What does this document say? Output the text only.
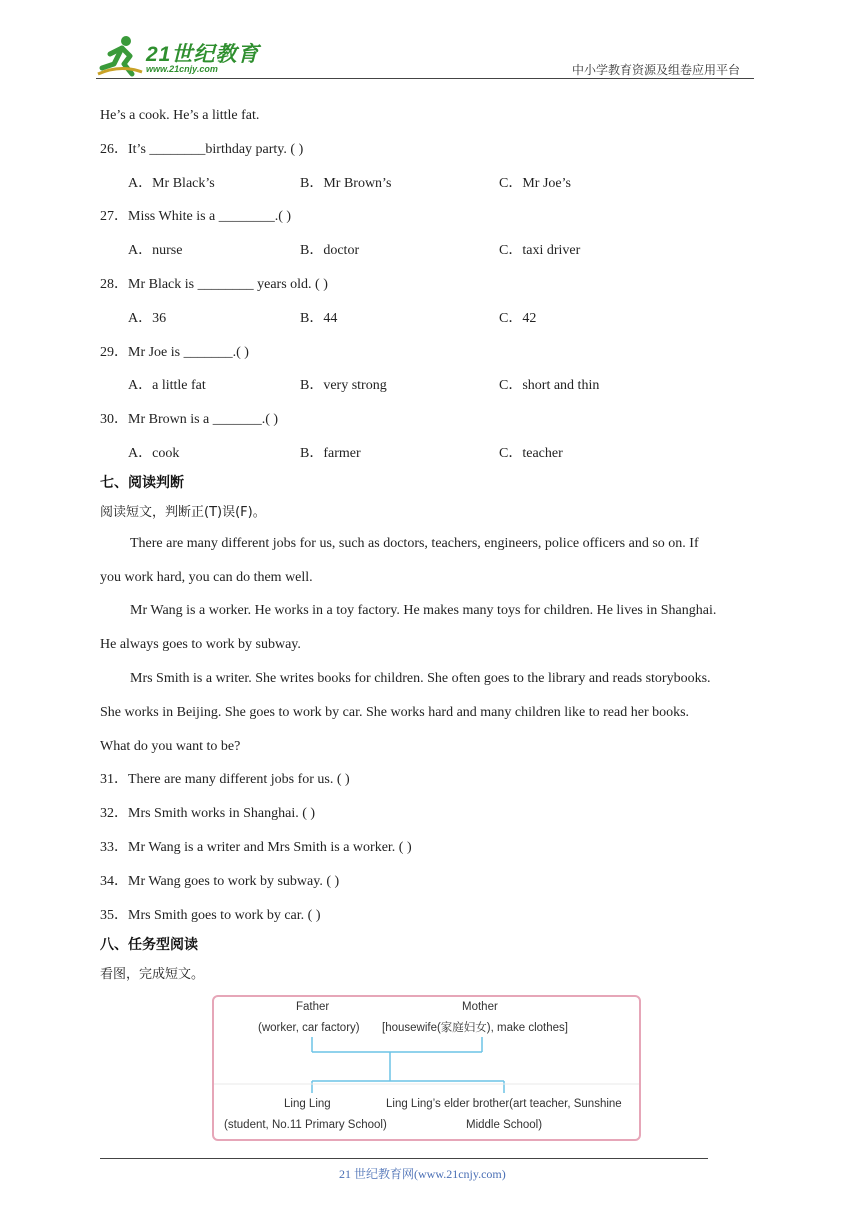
21世纪教育
www.21cnjy.com	中小学教育资源及组卷应用平台
He’s a cook. He’s a little fat.
26．It’s ________birthday party. ( )
A．Mr Black’s	B．Mr Brown’s	C．Mr Joe’s
27．Miss White is a ________.( )
A．nurse	B．doctor	C．taxi driver
28．Mr Black is ________ years old. ( )
A．36	B．44	C．42
29．Mr Joe is _______.( )
A．a little fat	B．very strong	C．short and thin
30．Mr Brown is a _______.( )
A．cook	B．farmer	C．teacher
七、阅读判断
阅读短文，判断正(T)误(F)。
There are many different jobs for us, such as doctors, teachers, engineers, police officers and so on. If
you work hard, you can do them well.
Mr Wang is a worker. He works in a toy factory. He makes many toys for children. He lives in Shanghai.
He always goes to work by subway.
Mrs Smith is a writer. She writes books for children. She often goes to the library and reads storybooks.
She works in Beijing. She goes to work by car. She works hard and many children like to read her books.
What do you want to be?
31．There are many different jobs for us. ( )
32．Mrs Smith works in Shanghai. ( )
33．Mr Wang is a writer and Mrs Smith is a worker. ( )
34．Mr Wang goes to work by subway. ( )
35．Mrs Smith goes to work by car. ( )
八、任务型阅读
看图，完成短文。
Father
(worker, car factory)
Mother
[housewife(家庭妇女), make clothes]
Ling Ling
(student, No.11 Primary School)
Ling Ling’s elder brother(art teacher, Sunshine
Middle School)
21 世纪教育网(www.21cnjy.com)
